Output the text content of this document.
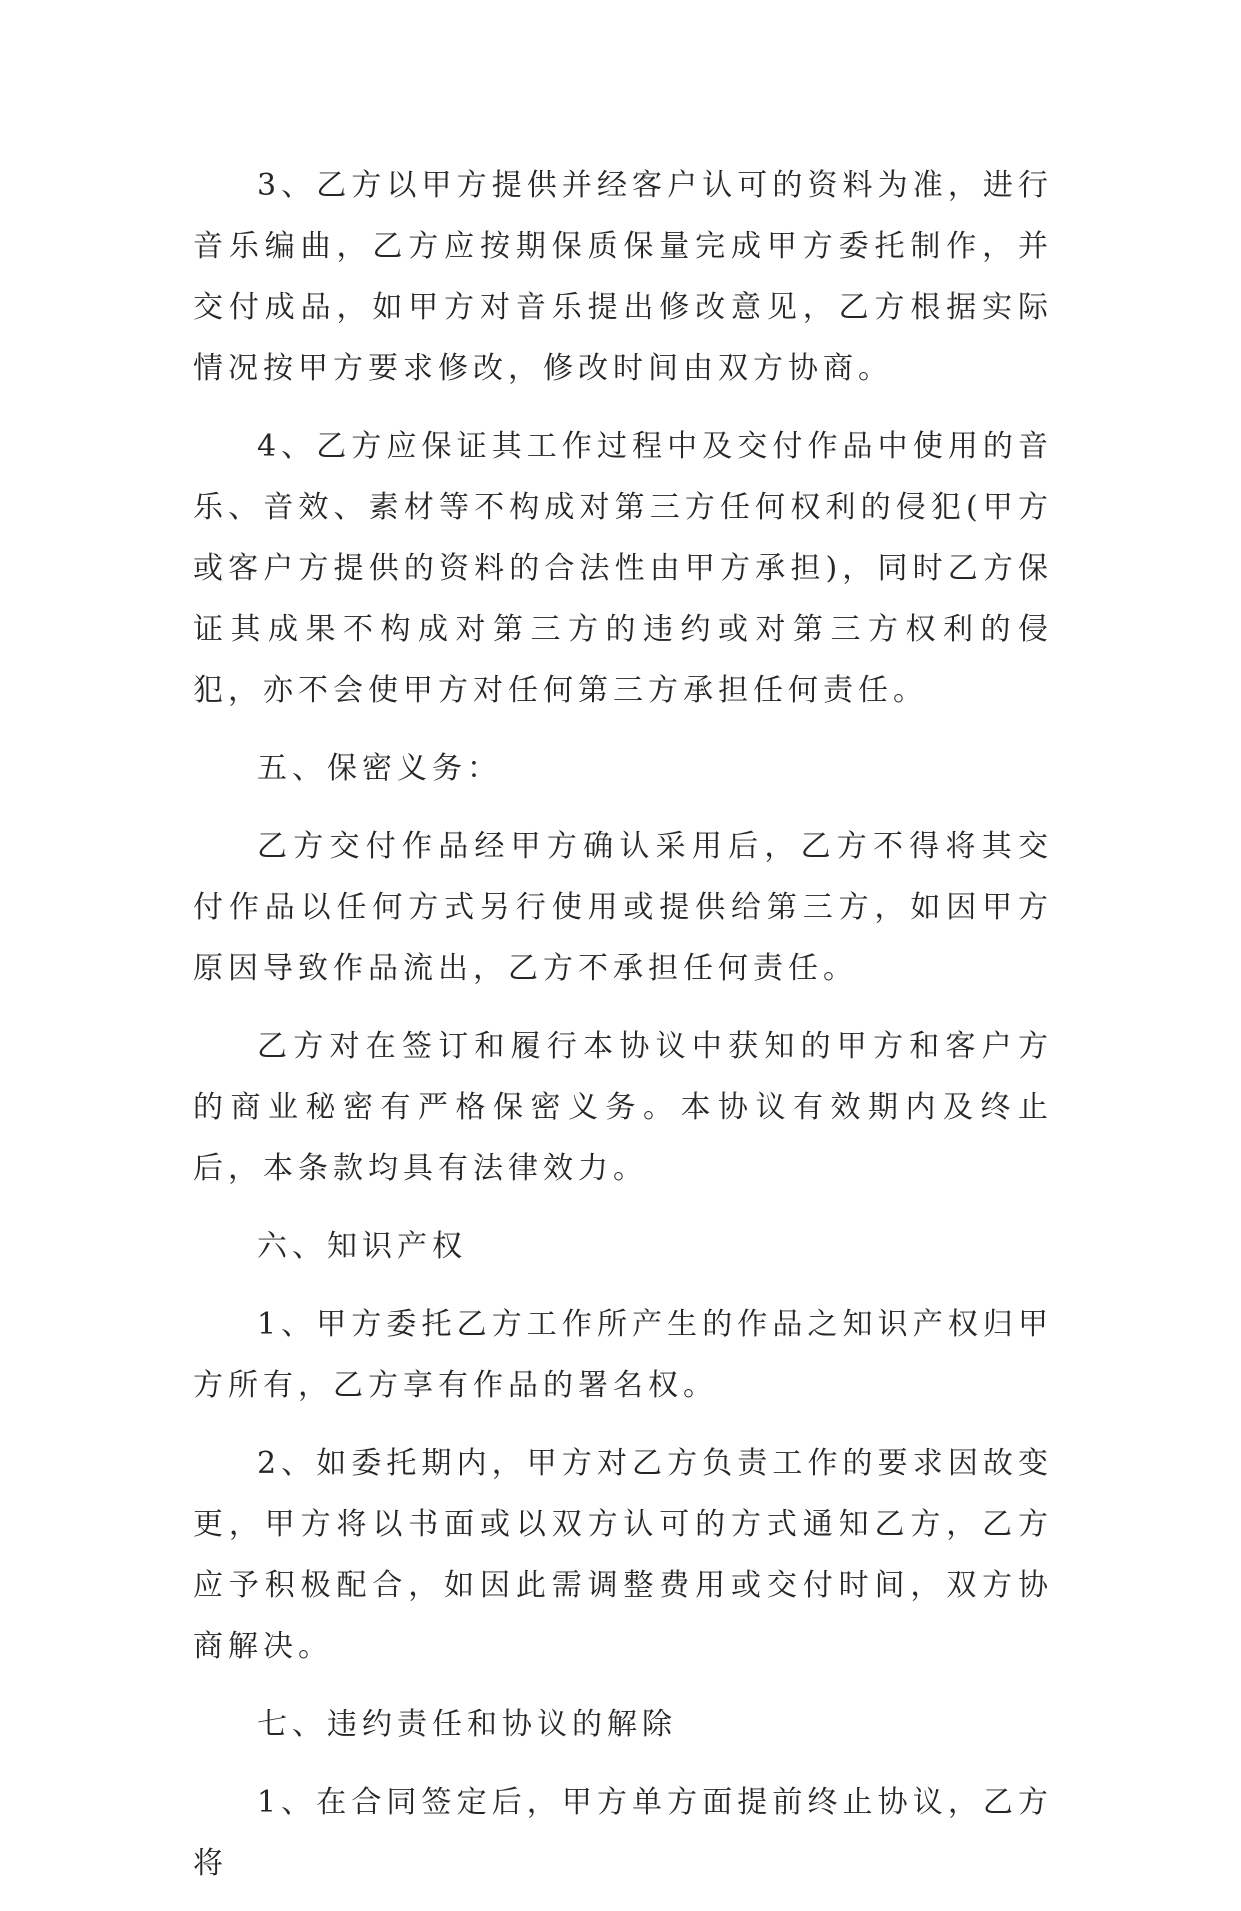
3、乙方以甲方提供并经客户认可的资料为准，进行音乐编曲，乙方应按期保质保量完成甲方委托制作，并交付成品，如甲方对音乐提出修改意见，乙方根据实际情况按甲方要求修改，修改时间由双方协商。

4、乙方应保证其工作过程中及交付作品中使用的音乐、音效、素材等不构成对第三方任何权利的侵犯(甲方或客户方提供的资料的合法性由甲方承担)，同时乙方保证其成果不构成对第三方的违约或对第三方权利的侵犯，亦不会使甲方对任何第三方承担任何责任。

五、保密义务：

乙方交付作品经甲方确认采用后，乙方不得将其交付作品以任何方式另行使用或提供给第三方，如因甲方原因导致作品流出，乙方不承担任何责任。

乙方对在签订和履行本协议中获知的甲方和客户方的商业秘密有严格保密义务。本协议有效期内及终止后，本条款均具有法律效力。

六、知识产权

1、甲方委托乙方工作所产生的作品之知识产权归甲方所有，乙方享有作品的署名权。

2、如委托期内，甲方对乙方负责工作的要求因故变更，甲方将以书面或以双方认可的方式通知乙方，乙方应予积极配合，如因此需调整费用或交付时间，双方协商解决。

七、违约责任和协议的解除

1、在合同签定后，甲方单方面提前终止协议，乙方将
